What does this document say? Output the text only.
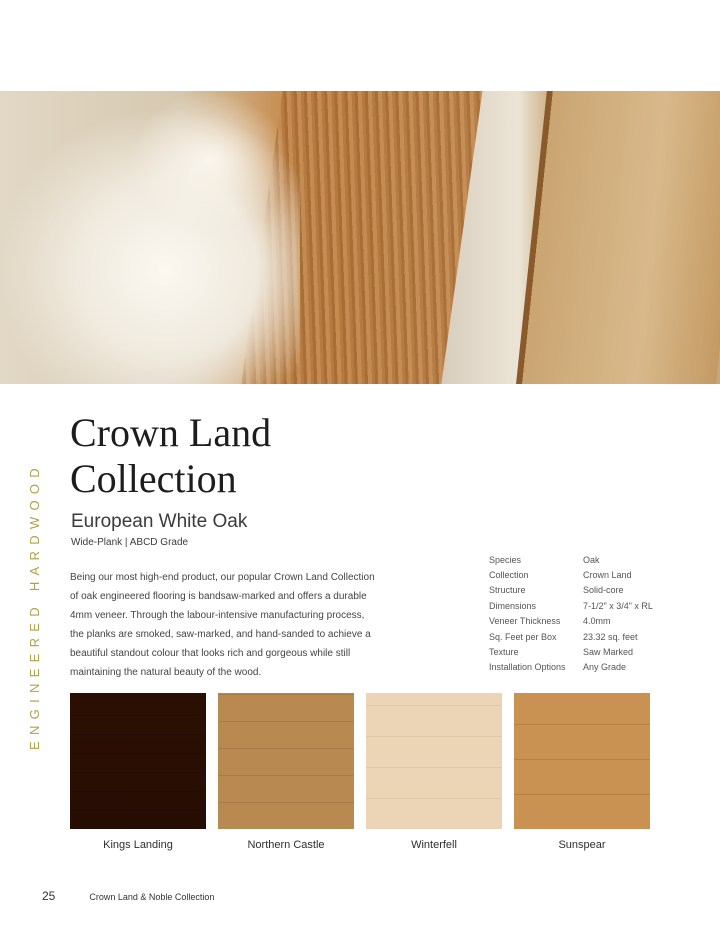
ENGINEERED HARDWOOD
Crown Land
Collection
European White Oak
Wide-Plank | ABCD Grade

Being our most high-end product, our popular Crown Land Collection of oak engineered flooring is bandsaw-marked and offers a durable 4mm veneer. Through the labour-intensive manufacturing process, the planks are smoked, saw-marked, and hand-sanded to achieve a beautiful standout colour that looks rich and gorgeous while still maintaining the natural beauty of the wood.

Species	Oak
Collection	Crown Land
Structure	Solid-core
Dimensions	7-1/2" x 3/4" x RL
Veneer Thickness	4.0mm
Sq. Feet per Box	23.32 sq. feet
Texture	Saw Marked
Installation Options	Any Grade
Kings Landing	Northern Castle	Winterfell	Sunspear
25	Crown Land & Noble Collection
